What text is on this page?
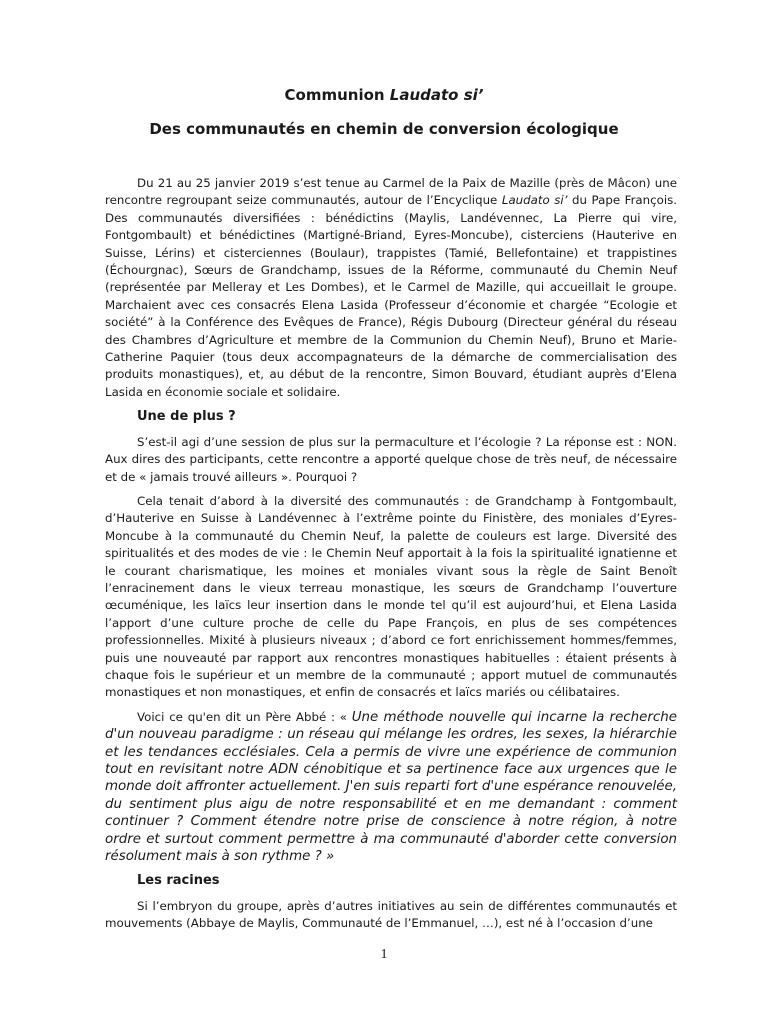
Communion Laudato si’
Des communautés en chemin de conversion écologique

Du 21 au 25 janvier 2019 s’est tenue au Carmel de la Paix de Mazille (près de Mâcon) une rencontre regroupant seize communautés, autour de l’Encyclique Laudato si’ du Pape François. Des communautés diversifiées : bénédictins (Maylis, Landévennec, La Pierre qui vire, Fontgombault) et bénédictines (Martigné-Briand, Eyres-Moncube), cisterciens (Hauterive en Suisse, Lérins) et cisterciennes (Boulaur), trappistes (Tamié, Bellefontaine) et trappistines (Échourgnac), Sœurs de Grandchamp, issues de la Réforme, communauté du Chemin Neuf (représentée par Melleray et Les Dombes), et le Carmel de Mazille, qui accueillait le groupe. Marchaient avec ces consacrés Elena Lasida (Professeur d’économie et chargée “Ecologie et société” à la Conférence des Evêques de France), Régis Dubourg (Directeur général du réseau des Chambres d’Agriculture et membre de la Communion du Chemin Neuf), Bruno et Marie-Catherine Paquier (tous deux accompagnateurs de la démarche de commercialisation des produits monastiques), et, au début de la rencontre, Simon Bouvard, étudiant auprès d’Elena Lasida en économie sociale et solidaire.

Une de plus ?

S’est-il agi d’une session de plus sur la permaculture et l’écologie ? La réponse est : NON. Aux dires des participants, cette rencontre a apporté quelque chose de très neuf, de nécessaire et de « jamais trouvé ailleurs ». Pourquoi ?

Cela tenait d’abord à la diversité des communautés : de Grandchamp à Fontgombault, d’Hauterive en Suisse à Landévennec à l’extrême pointe du Finistère, des moniales d’Eyres-Moncube à la communauté du Chemin Neuf, la palette de couleurs est large. Diversité des spiritualités et des modes de vie : le Chemin Neuf apportait à la fois la spiritualité ignatienne et le courant charismatique, les moines et moniales vivant sous la règle de Saint Benoît l’enracinement dans le vieux terreau monastique, les sœurs de Grandchamp l’ouverture œcuménique, les laïcs leur insertion dans le monde tel qu’il est aujourd’hui, et Elena Lasida l’apport d’une culture proche de celle du Pape François, en plus de ses compétences professionnelles. Mixité à plusieurs niveaux ; d’abord ce fort enrichissement hommes/femmes, puis une nouveauté par rapport aux rencontres monastiques habituelles : étaient présents à chaque fois le supérieur et un membre de la communauté ; apport mutuel de communautés monastiques et non monastiques, et enfin de consacrés et laïcs mariés ou célibataires.

Voici ce qu'en dit un Père Abbé : « Une méthode nouvelle qui incarne la recherche d'un nouveau paradigme : un réseau qui mélange les ordres, les sexes, la hiérarchie et les tendances ecclésiales. Cela a permis de vivre une expérience de communion tout en revisitant notre ADN cénobitique et sa pertinence face aux urgences que le monde doit affronter actuellement. J'en suis reparti fort d'une espérance renouvelée, du sentiment plus aigu de notre responsabilité et en me demandant : comment continuer ? Comment étendre notre prise de conscience à notre région, à notre ordre et surtout comment permettre à ma communauté d'aborder cette conversion résolument mais à son rythme ? »

Les racines

Si l’embryon du groupe, après d’autres initiatives au sein de différentes communautés et mouvements (Abbaye de Maylis, Communauté de l’Emmanuel, …), est né à l’occasion d’une

1
